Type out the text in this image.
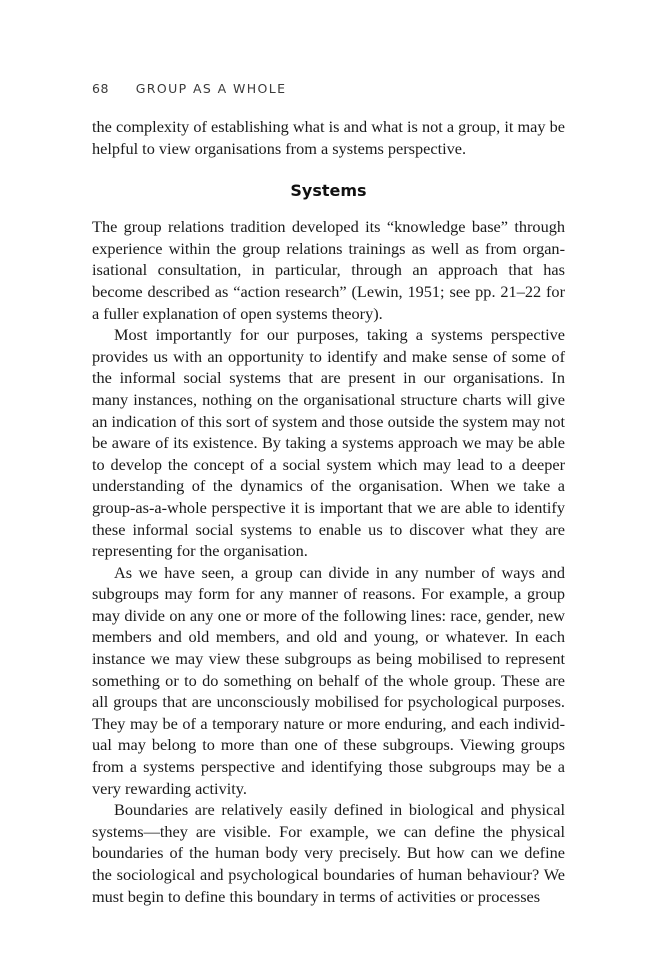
68 GROUP AS A WHOLE

the complexity of establishing what is and what is not a group, it may be helpful to view organisations from a systems perspective.

Systems

The group relations tradition developed its “knowledge base” through experience within the group relations trainings as well as from organisational consultation, in particular, through an approach that has become described as “action research” (Lewin, 1951; see pp. 21–22 for a fuller explanation of open systems theory).

Most importantly for our purposes, taking a systems perspective provides us with an opportunity to identify and make sense of some of the informal social systems that are present in our organisations. In many instances, nothing on the organisational structure charts will give an indication of this sort of system and those outside the system may not be aware of its existence. By taking a systems approach we may be able to develop the concept of a social system which may lead to a deeper understanding of the dynamics of the organisation. When we take a group-as-a-whole perspective it is important that we are able to identify these informal social systems to enable us to discover what they are representing for the organisation.

As we have seen, a group can divide in any number of ways and subgroups may form for any manner of reasons. For example, a group may divide on any one or more of the following lines: race, gender, new members and old members, and old and young, or whatever. In each instance we may view these subgroups as being mobilised to represent something or to do something on behalf of the whole group. These are all groups that are unconsciously mobilised for psychological purposes. They may be of a temporary nature or more enduring, and each individual may belong to more than one of these subgroups. Viewing groups from a systems perspective and identifying those subgroups may be a very rewarding activity.

Boundaries are relatively easily defined in biological and physical systems—they are visible. For example, we can define the physical boundaries of the human body very precisely. But how can we define the sociological and psychological boundaries of human behaviour? We must begin to define this boundary in terms of activities or processes
